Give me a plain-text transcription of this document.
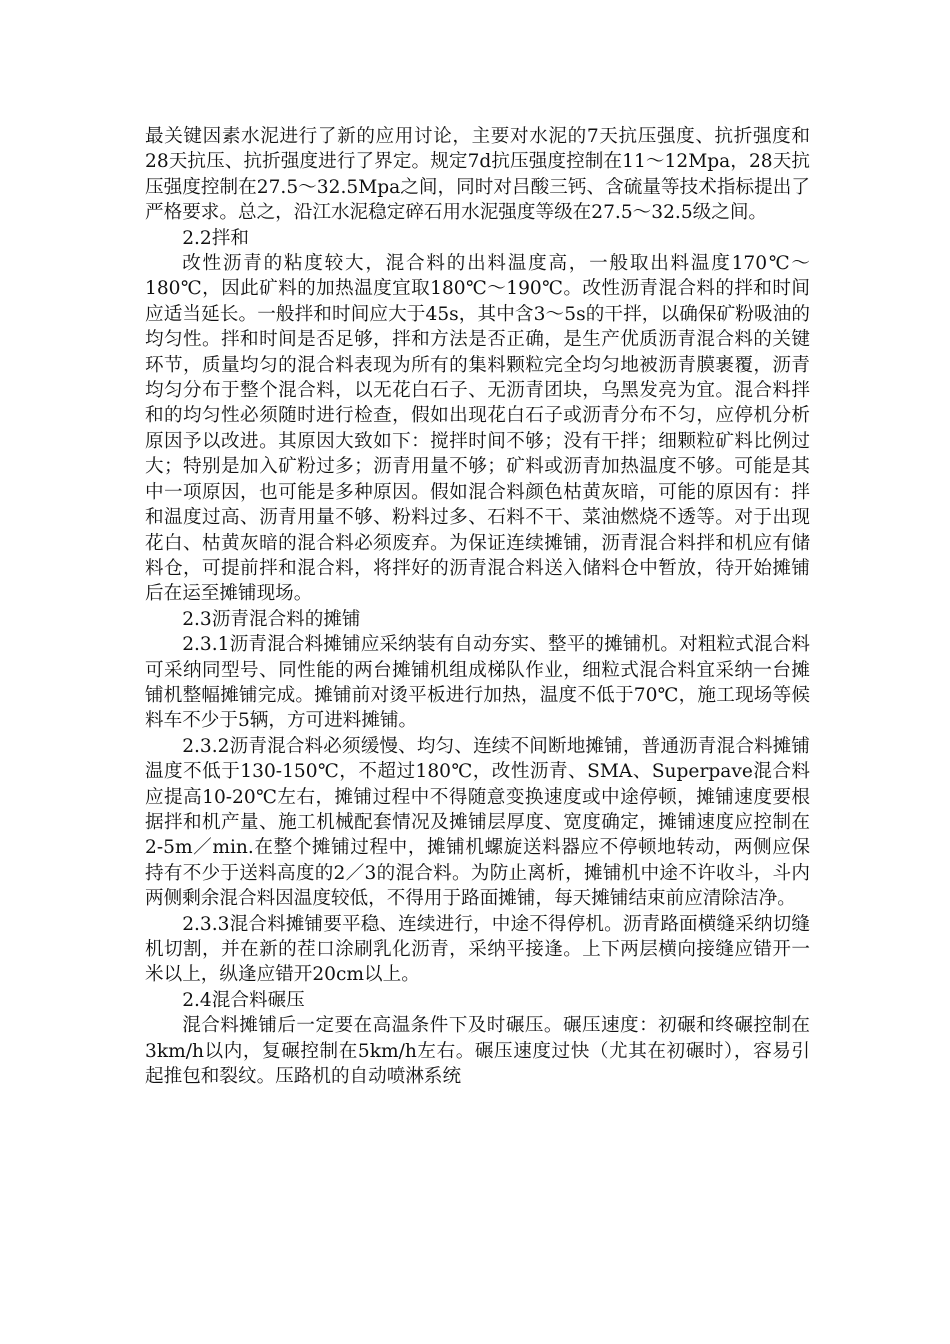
最关键因素水泥进行了新的应用讨论，主要对水泥的7天抗压强度、抗折强度和28天抗压、抗折强度进行了界定。规定7d抗压强度控制在11～12Mpa，28天抗压强度控制在27.5～32.5Mpa之间，同时对吕酸三钙、含硫量等技术指标提出了严格要求。总之，沿江水泥稳定碎石用水泥强度等级在27.5～32.5级之间。

2.2拌和

改性沥青的粘度较大，混合料的出料温度高，一般取出料温度170℃～180℃，因此矿料的加热温度宜取180℃～190℃。改性沥青混合料的拌和时间应适当延长。一般拌和时间应大于45s，其中含3～5s的干拌，以确保矿粉吸油的均匀性。拌和时间是否足够，拌和方法是否正确，是生产优质沥青混合料的关键环节，质量均匀的混合料表现为所有的集料颗粒完全均匀地被沥青膜裹覆，沥青均匀分布于整个混合料，以无花白石子、无沥青团块，乌黑发亮为宜。混合料拌和的均匀性必须随时进行检查，假如出现花白石子或沥青分布不匀，应停机分析原因予以改进。其原因大致如下：搅拌时间不够；没有干拌；细颗粒矿料比例过大；特别是加入矿粉过多；沥青用量不够；矿料或沥青加热温度不够。可能是其中一项原因，也可能是多种原因。假如混合料颜色枯黄灰暗，可能的原因有：拌和温度过高、沥青用量不够、粉料过多、石料不干、菜油燃烧不透等。对于出现花白、枯黄灰暗的混合料必须废弃。为保证连续摊铺，沥青混合料拌和机应有储料仓，可提前拌和混合料，将拌好的沥青混合料送入储料仓中暂放，待开始摊铺后在运至摊铺现场。

2.3沥青混合料的摊铺

2.3.1沥青混合料摊铺应采纳装有自动夯实、整平的摊铺机。对粗粒式混合料可采纳同型号、同性能的两台摊铺机组成梯队作业，细粒式混合料宜采纳一台摊铺机整幅摊铺完成。摊铺前对烫平板进行加热，温度不低于70℃，施工现场等候料车不少于5辆，方可进料摊铺。

2.3.2沥青混合料必须缓慢、均匀、连续不间断地摊铺，普通沥青混合料摊铺温度不低于130-150℃，不超过180℃，改性沥青、SMA、Superpave混合料应提高10-20℃左右，摊铺过程中不得随意变换速度或中途停顿，摊铺速度要根据拌和机产量、施工机械配套情况及摊铺层厚度、宽度确定，摊铺速度应控制在2-5m／min.在整个摊铺过程中，摊铺机螺旋送料器应不停顿地转动，两侧应保持有不少于送料高度的2／3的混合料。为防止离析，摊铺机中途不许收斗，斗内两侧剩余混合料因温度较低，不得用于路面摊铺，每天摊铺结束前应清除洁净。

2.3.3混合料摊铺要平稳、连续进行，中途不得停机。沥青路面横缝采纳切缝机切割，并在新的茬口涂刷乳化沥青，采纳平接逢。上下两层横向接缝应错开一米以上，纵逢应错开20cm以上。

2.4混合料碾压

混合料摊铺后一定要在高温条件下及时碾压。碾压速度：初碾和终碾控制在3km/h以内，复碾控制在5km/h左右。碾压速度过快（尤其在初碾时），容易引起推包和裂纹。压路机的自动喷淋系统
